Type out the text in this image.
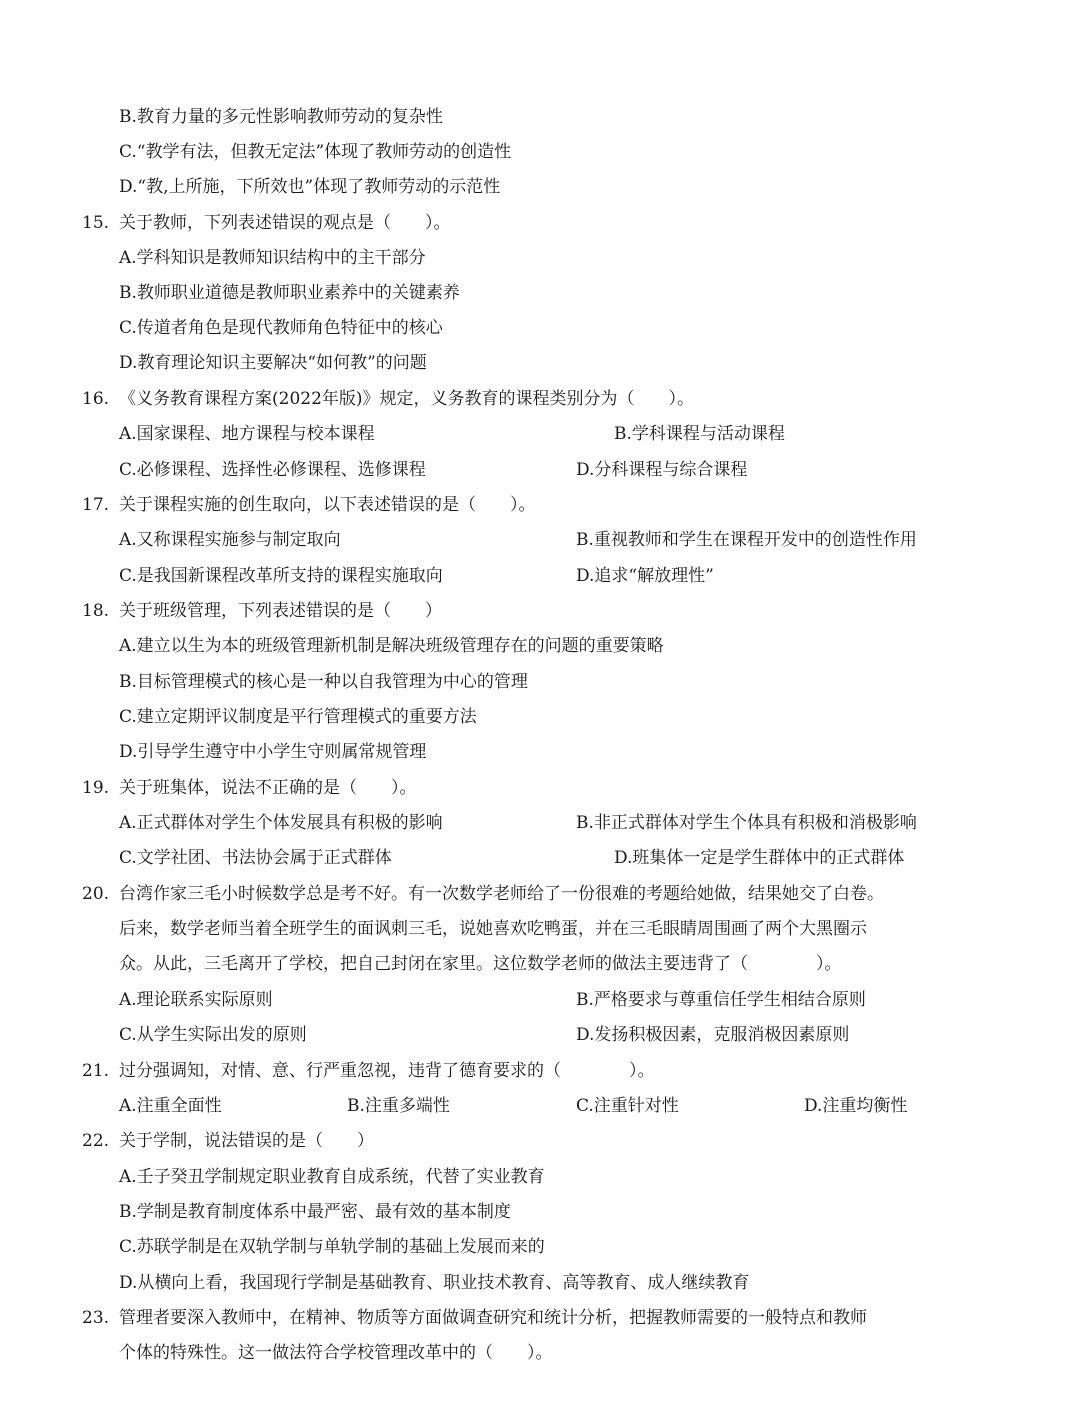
B.教育力量的多元性影响教师劳动的复杂性
C.“教学有法，但教无定法”体现了教师劳动的创造性
D.“教,上所施，下所效也”体现了教师劳动的示范性
15. 关于教师，下列表述错误的观点是（　　）。
A.学科知识是教师知识结构中的主干部分
B.教师职业道德是教师职业素养中的关键素养
C.传道者角色是现代教师角色特征中的核心
D.教育理论知识主要解决“如何教”的问题
16. 《义务教育课程方案(2022年版)》规定，义务教育的课程类别分为（　　）。
A.国家课程、地方课程与校本课程	B.学科课程与活动课程
C.必修课程、选择性必修课程、选修课程	D.分科课程与综合课程
17. 关于课程实施的创生取向，以下表述错误的是（　　）。
A.又称课程实施参与制定取向	B.重视教师和学生在课程开发中的创造性作用
C.是我国新课程改革所支持的课程实施取向	D.追求“解放理性”
18. 关于班级管理，下列表述错误的是（　　）
A.建立以生为本的班级管理新机制是解决班级管理存在的问题的重要策略
B.目标管理模式的核心是一种以自我管理为中心的管理
C.建立定期评议制度是平行管理模式的重要方法
D.引导学生遵守中小学生守则属常规管理
19. 关于班集体，说法不正确的是（　　）。
A.正式群体对学生个体发展具有积极的影响	B.非正式群体对学生个体具有积极和消极影响
C.文学社团、书法协会属于正式群体	D.班集体一定是学生群体中的正式群体
20. 台湾作家三毛小时候数学总是考不好。有一次数学老师给了一份很难的考题给她做，结果她交了白卷。
后来，数学老师当着全班学生的面讽刺三毛，说她喜欢吃鸭蛋，并在三毛眼睛周围画了两个大黑圈示
众。从此，三毛离开了学校，把自己封闭在家里。这位数学老师的做法主要违背了（　　　　）。
A.理论联系实际原则	B.严格要求与尊重信任学生相结合原则
C.从学生实际出发的原则	D.发扬积极因素，克服消极因素原则
21. 过分强调知，对情、意、行严重忽视，违背了德育要求的（　　　　）。
A.注重全面性	B.注重多端性	C.注重针对性	D.注重均衡性
22. 关于学制，说法错误的是（　　）
A.壬子癸丑学制规定职业教育自成系统，代替了实业教育
B.学制是教育制度体系中最严密、最有效的基本制度
C.苏联学制是在双轨学制与单轨学制的基础上发展而来的
D.从横向上看，我国现行学制是基础教育、职业技术教育、高等教育、成人继续教育
23. 管理者要深入教师中，在精神、物质等方面做调查研究和统计分析，把握教师需要的一般特点和教师
个体的特殊性。这一做法符合学校管理改革中的（　　）。
